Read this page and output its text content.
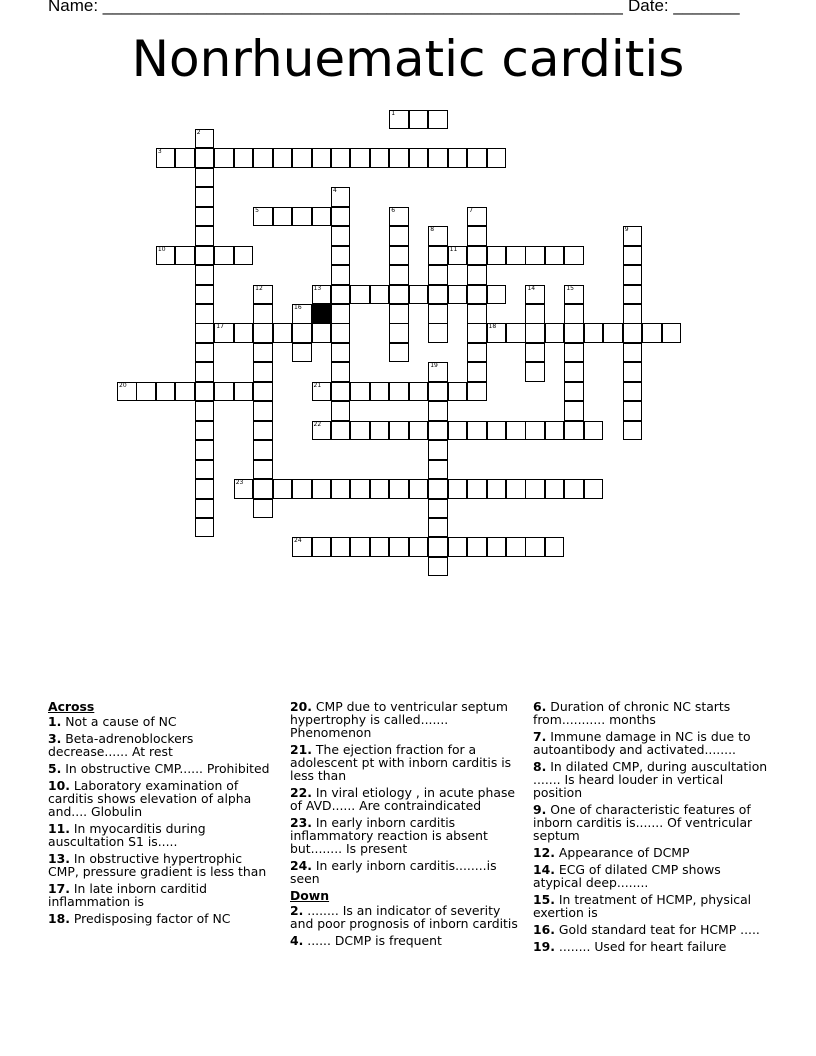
Name: _______________________________________________________ Date: _______
Nonrhuematic carditis
1
3
5
10	11
13
17	18
20	21
22
23
24
2
4
6	7
8	9
12	14	15
16
19
Across
1. Not a cause of NC
3. Beta-adrenoblockers decrease...... At rest
5. In obstructive CMP...... Prohibited
10. Laboratory examination of carditis shows elevation of alpha and.... Globulin
11. In myocarditis during auscultation S1 is.....
13. In obstructive hypertrophic CMP, pressure gradient is less than
17. In late inborn carditid inflammation is
18. Predisposing factor of NC
20. CMP due to ventricular septum hypertrophy is called....... Phenomenon
21. The ejection fraction for a adolescent pt with inborn carditis is less than
22. In viral etiology , in acute phase of AVD...... Are contraindicated
23. In early inborn carditis inflammatory reaction is absent but........ Is present
24. In early inborn carditis........is seen
Down
2. ........ Is an indicator of severity and poor prognosis of inborn carditis
4. ...... DCMP is frequent
6. Duration of chronic NC starts from........... months
7. Immune damage in NC is due to autoantibody and activated........
8. In dilated CMP, during auscultation ....... Is heard louder in vertical position
9. One of characteristic features of inborn carditis is....... Of ventricular septum
12. Appearance of DCMP
14. ECG of dilated CMP shows atypical deep........
15. In treatment of HCMP, physical exertion is
16. Gold standard teat for HCMP .....
19. ........ Used for heart failure
